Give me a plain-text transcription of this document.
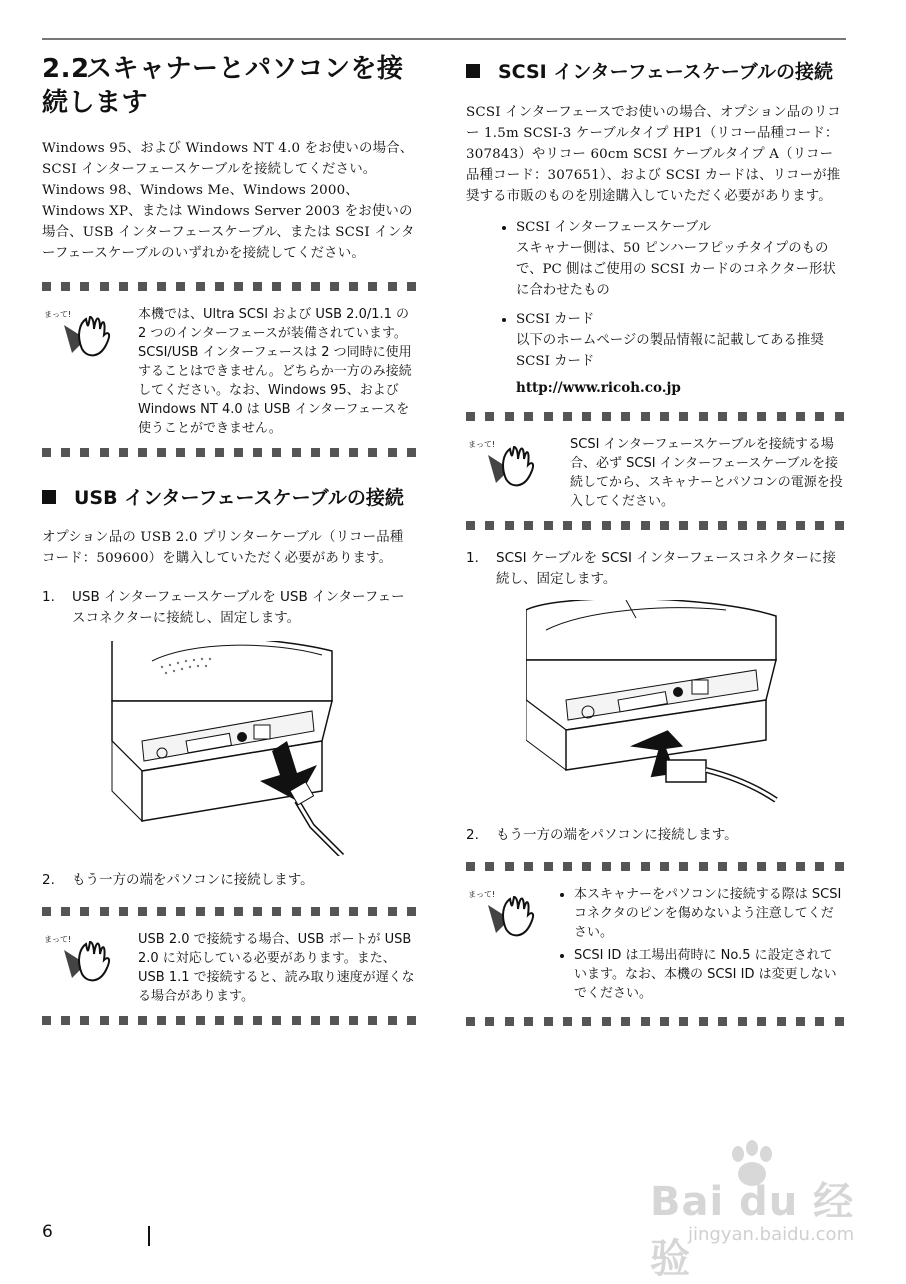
2.2スキャナーとパソコンを接続します

Windows 95、および Windows NT 4.0 をお使いの場合、SCSI インターフェースケーブルを接続してください。

Windows 98、Windows Me、Windows 2000、Windows XP、または Windows Server 2003 をお使いの場合、USB インターフェースケーブル、または SCSI インターフェースケーブルのいずれかを接続してください。

まって!	本機では、Ultra SCSI および USB 2.0/1.1 の 2 つのインターフェースが装備されています。SCSI/USB インターフェースは 2 つ同時に使用することはできません。どちらか一方のみ接続してください。なお、Windows 95、および Windows NT 4.0 は USB インターフェースを使うことができません。
USB インターフェースケーブルの接続

オプション品の USB 2.0 プリンターケーブル（リコー品種コード：509600）を購入していただく必要があります。

1.	USB インターフェースケーブルを USB インターフェースコネクターに接続し、固定します。
2.	もう一方の端をパソコンに接続します。
まって!	USB 2.0 で接続する場合、USB ポートが USB 2.0 に対応している必要があります。また、USB 1.1 で接続すると、読み取り速度が遅くなる場合があります。
SCSI インターフェースケーブルの接続

SCSI インターフェースでお使いの場合、オプション品のリコー 1.5m SCSI-3 ケーブルタイプ HP1（リコー品種コード：307843）やリコー 60cm SCSI ケーブルタイプ A（リコー品種コード：307651）、および SCSI カードは、リコーが推奨する市販のものを別途購入していただく必要があります。

• SCSI インターフェースケーブル
スキャナー側は、50 ピンハーフピッチタイプのもので、PC 側はご使用の SCSI カードのコネクター形状に合わせたもの
• SCSI カード
以下のホームページの製品情報に記載してある推奨 SCSI カード
http://www.ricoh.co.jp
まって!	SCSI インターフェースケーブルを接続する場合、必ず SCSI インターフェースケーブルを接続してから、スキャナーとパソコンの電源を投入してください。
1.	SCSI ケーブルを SCSI インターフェースコネクターに接続し、固定します。
2.	もう一方の端をパソコンに接続します。
まって!
•	本スキャナーをパソコンに接続する際は SCSI コネクタのピンを傷めないよう注意してください。
• SCSI ID は工場出荷時に No.5 に設定されています。なお、本機の SCSI ID は変更しないでください。
Bai du 经验
jingyan.baidu.com
6
